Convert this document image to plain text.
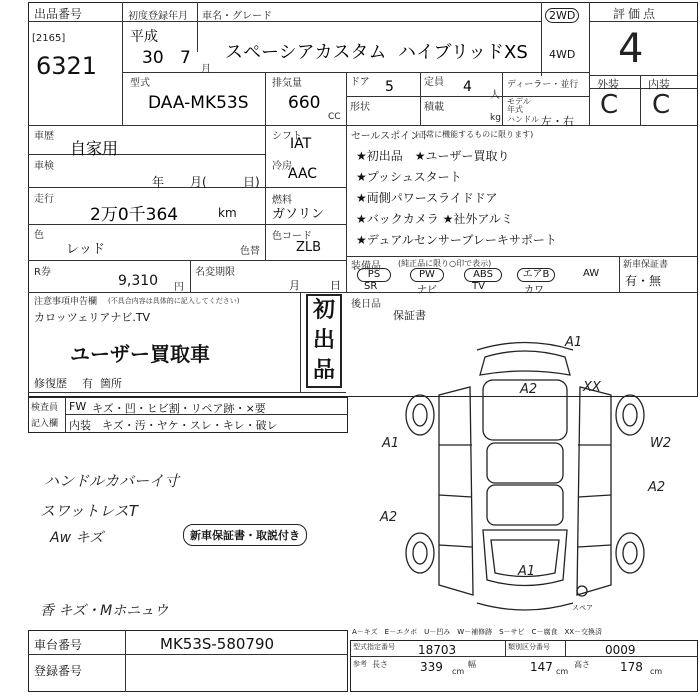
出品番号
[2165]
6321
初度登録年月
平成
30 7
月
車名・グレード
スペーシアカスタム ハイブリッドXS
2WD
4WD
評価点
4
外装	内装
C C
型式
DAA-MK53S
排気量
660
CC
ドア 5	定員 4
人
ディーラー・並行
形状	積載
kg
モデル
年式
ハンドル 左・右
車歴
自家用
車検
年 月(	日)
走行
2万0千364	km
シフト
IAT
冷房
AAC
燃料
ガソリン
色
レッド	色替
色コード
ZLB
R券
9,310 円
名変期限
月	日
注意事項申告欄 (不具合内容は具体的に記入してください)
カロッツェリアナビ.TV
ユーザー買取車
修復歴 有 箇所
初
出
品
検査員
記入欄
FW キズ・凹・ヒビ割・リペア跡・×要
内装 キズ・汚・ヤケ・スレ・キレ・破レ
ハンドルカバーイ寸
スワットレスT
Aw キズ
香 キズ・Mホニュウ
新車保証書・取説付き
セールスポイント
(正常に機能するものに限ります)
★初出品　★ユーザー買取り
★プッシュスタート
★両側パワースライドドア
★バックカメラ ★社外アルミ
★デュアルセンサーブレーキサポート
装備品 (純正品に限り○印で表示)
PS	PW	ABS	エアB	AW
SR	ナビ	TV	カワ
新車保証書
有・無
後日品
保証書
A1
A2	XX
A1	W2
A2
A2
A1
スペア
車台番号	MK53S-580790
登録番号
A－キズ　E－エクボ　U－凹み　W－補修跡　S－サビ　C－腐食　XX－交換済
型式指定番号 18703	類別区分番号	0009
参考 長さ	339 cm
幅	147 cm
高さ	178 cm
